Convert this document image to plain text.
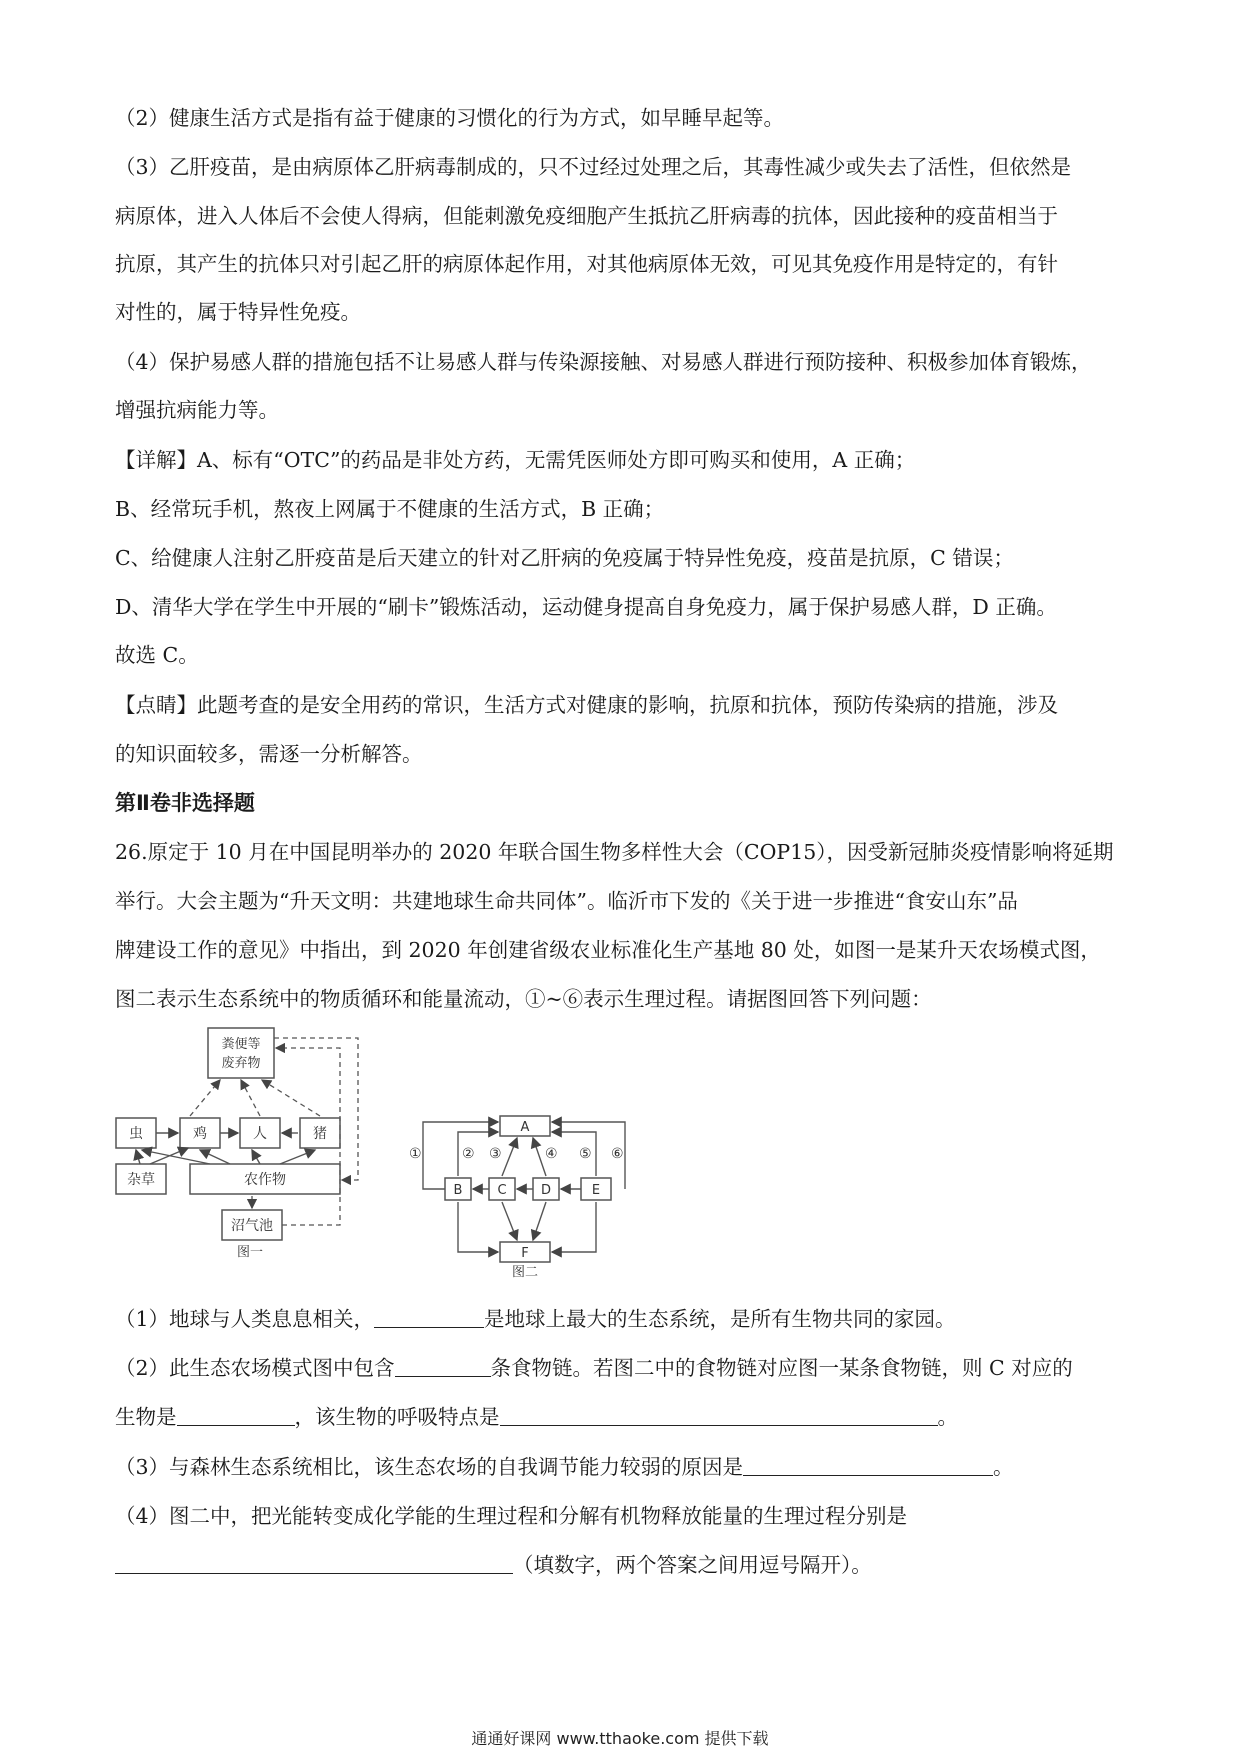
（2）健康生活方式是指有益于健康的习惯化的行为方式，如早睡早起等。

（3）乙肝疫苗，是由病原体乙肝病毒制成的，只不过经过处理之后，其毒性减少或失去了活性，但依然是

病原体，进入人体后不会使人得病，但能刺激免疫细胞产生抵抗乙肝病毒的抗体，因此接种的疫苗相当于

抗原，其产生的抗体只对引起乙肝的病原体起作用，对其他病原体无效，可见其免疫作用是特定的，有针

对性的，属于特异性免疫。

（4）保护易感人群的措施包括不让易感人群与传染源接触、对易感人群进行预防接种、积极参加体育锻炼，

增强抗病能力等。

【详解】A、标有“OTC”的药品是非处方药，无需凭医师处方即可购买和使用，A 正确；

B、经常玩手机，熬夜上网属于不健康的生活方式，B 正确；

C、给健康人注射乙肝疫苗是后天建立的针对乙肝病的免疫属于特异性免疫，疫苗是抗原，C 错误；

D、清华大学在学生中开展的“刷卡”锻炼活动，运动健身提高自身免疫力，属于保护易感人群，D 正确。

故选 C。

【点睛】此题考查的是安全用药的常识，生活方式对健康的影响，抗原和抗体，预防传染病的措施，涉及

的知识面较多，需逐一分析解答。

第Ⅱ卷非选择题

26.原定于 10 月在中国昆明举办的 2020 年联合国生物多样性大会（COP15），因受新冠肺炎疫情影响将延期

举行。大会主题为“升天文明：共建地球生命共同体”。临沂市下发的《关于进一步推进“食安山东”品

牌建设工作的意见》中指出，到 2020 年创建省级农业标准化生产基地 80 处，如图一是某升天农场模式图，

图二表示生态系统中的物质循环和能量流动，①~⑥表示生理过程。请据图回答下列问题：

粪便等
废弃物
虫	鸡	人	猪
杂草	农作物
沼气池
图一
A
B	C	D	E
F
①	② ③	④ ⑤ ⑥
图二

（1）地球与人类息息相关，	是地球上最大的生态系统，是所有生物共同的家园。

（2）此生态农场模式图中包含	条食物链。若图二中的食物链对应图一某条食物链，则 C 对应的

生物是	，该生物的呼吸特点是	。

（3）与森林生态系统相比，该生态农场的自我调节能力较弱的原因是	。

（4）图二中，把光能转变成化学能的生理过程和分解有机物释放能量的生理过程分别是

（填数字，两个答案之间用逗号隔开）。

通通好课网 www.tthaoke.com 提供下载
